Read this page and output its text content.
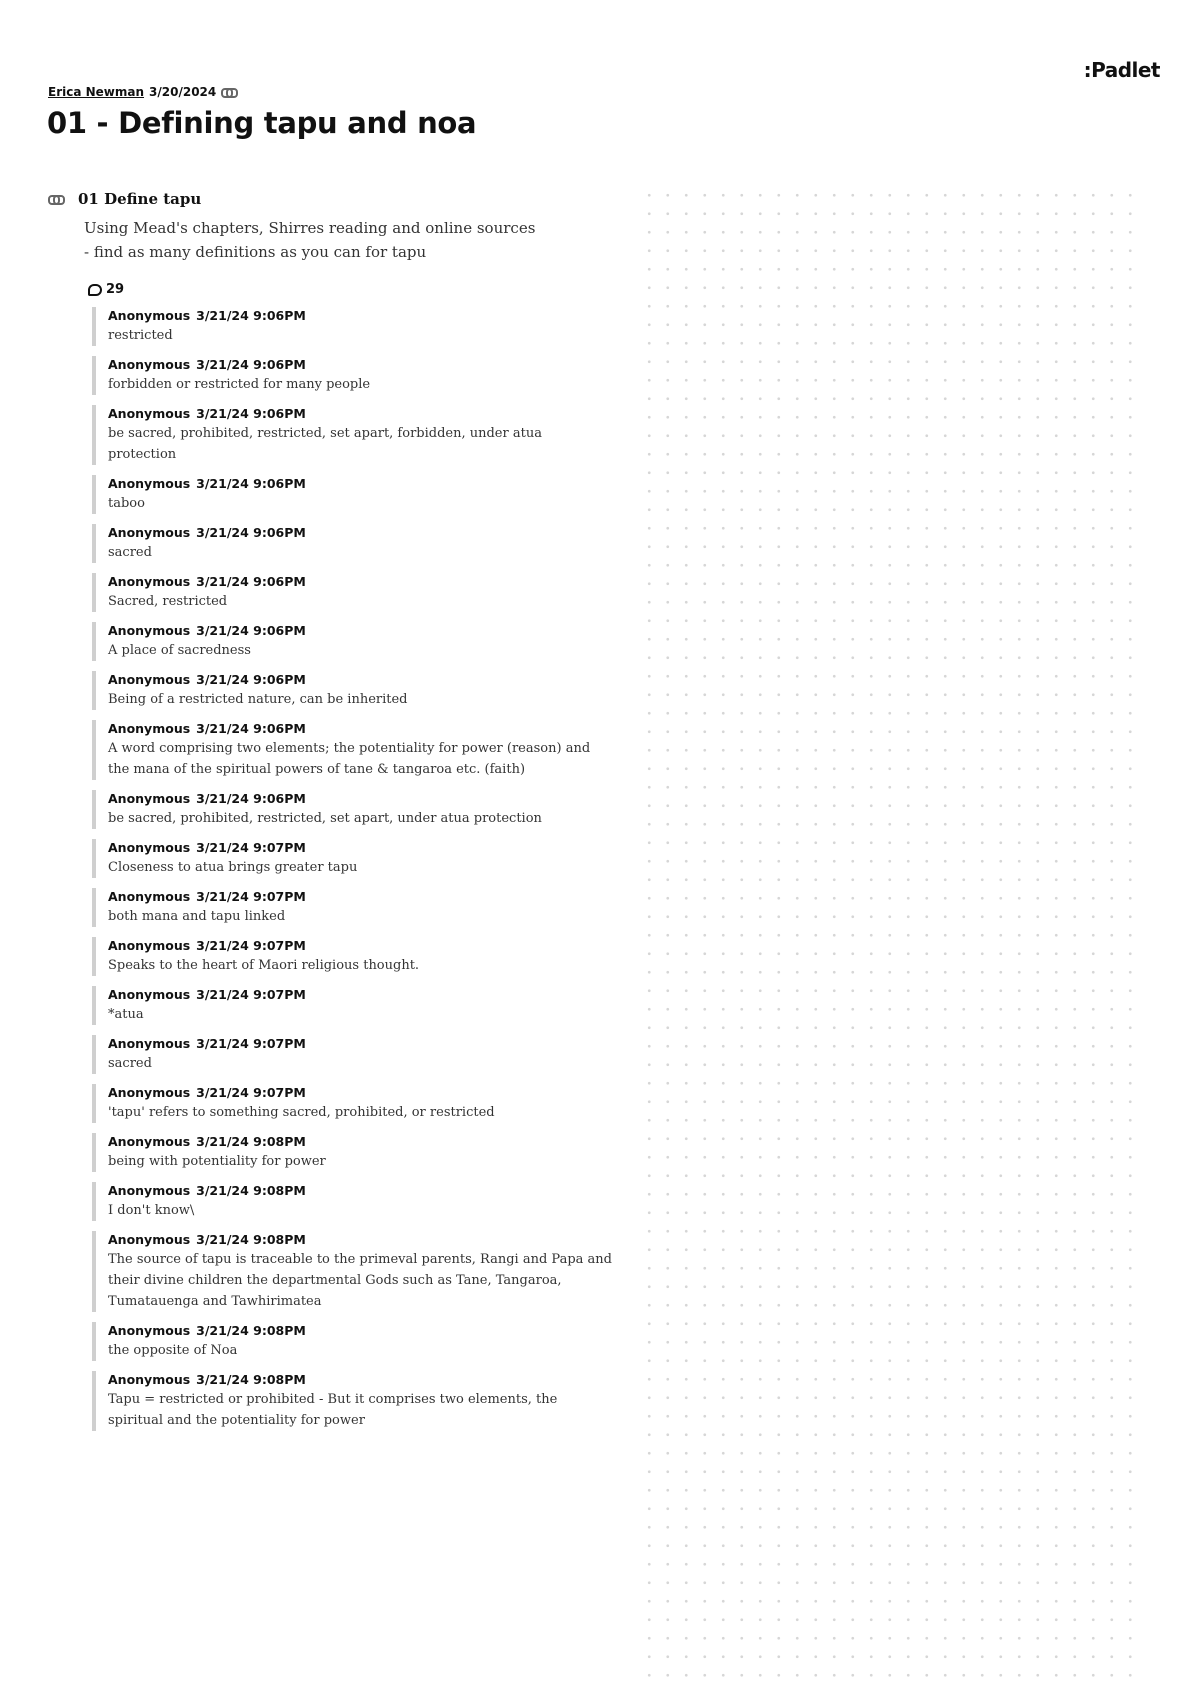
:Padlet
Erica Newman 3/20/2024
01 - Defining tapu and noa
01 Define tapu
Using Mead's chapters, Shirres reading and online sources - find as many definitions as you can for tapu
29
Anonymous 3/21/24 9:06PM
restricted
Anonymous 3/21/24 9:06PM
forbidden or restricted for many people
Anonymous 3/21/24 9:06PM
be sacred, prohibited, restricted, set apart, forbidden, under atua protection
Anonymous 3/21/24 9:06PM
taboo
Anonymous 3/21/24 9:06PM
sacred
Anonymous 3/21/24 9:06PM
Sacred, restricted
Anonymous 3/21/24 9:06PM
A place of sacredness
Anonymous 3/21/24 9:06PM
Being of a restricted nature, can be inherited
Anonymous 3/21/24 9:06PM
A word comprising two elements; the potentiality for power (reason) and the mana of the spiritual powers of tane & tangaroa etc. (faith)
Anonymous 3/21/24 9:06PM
be sacred, prohibited, restricted, set apart, under atua protection
Anonymous 3/21/24 9:07PM
Closeness to atua brings greater tapu
Anonymous 3/21/24 9:07PM
both mana and tapu linked
Anonymous 3/21/24 9:07PM
Speaks to the heart of Maori religious thought.
Anonymous 3/21/24 9:07PM
*atua
Anonymous 3/21/24 9:07PM
sacred
Anonymous 3/21/24 9:07PM
'tapu' refers to something sacred, prohibited, or restricted
Anonymous 3/21/24 9:08PM
being with potentiality for power
Anonymous 3/21/24 9:08PM
I don't know\
Anonymous 3/21/24 9:08PM
The source of tapu is traceable to the primeval parents, Rangi and Papa and their divine children the departmental Gods such as Tane, Tangaroa, Tumatauenga and Tawhirimatea
Anonymous 3/21/24 9:08PM
the opposite of Noa
Anonymous 3/21/24 9:08PM
Tapu = restricted or prohibited - But it comprises two elements, the spiritual and the potentiality for power
